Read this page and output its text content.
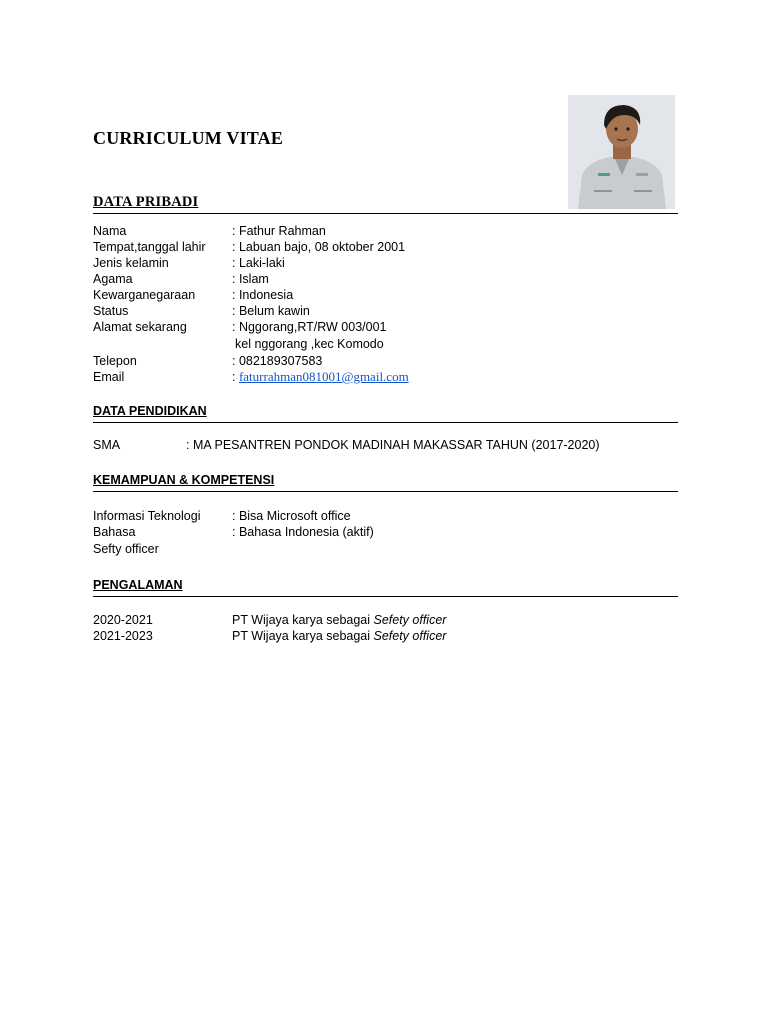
CURRICULUM VITAE
DATA PRIBADI
Nama	: Fathur Rahman
Tempat,tanggal lahir : Labuan bajo, 08 oktober 2001
Jenis kelamin	: Laki-laki
Agama	: Islam
Kewarganegaraan	: Indonesia
Status	: Belum kawin
Alamat sekarang	: Nggorang,RT/RW 003/001
kel nggorang ,kec Komodo
Telepon	: 082189307583
Email	: faturrahman081001@gmail.com
DATA PENDIDIKAN
SMA	: MA PESANTREN PONDOK MADINAH MAKASSAR TAHUN (2017-2020)
KEMAMPUAN & KOMPETENSI
Informasi Teknologi	: Bisa Microsoft office
Bahasa	: Bahasa Indonesia (aktif)
Sefty officer
PENGALAMAN
2020-2021	PT Wijaya karya sebagai Sefety officer
2021-2023	PT Wijaya karya sebagai Sefety officer
